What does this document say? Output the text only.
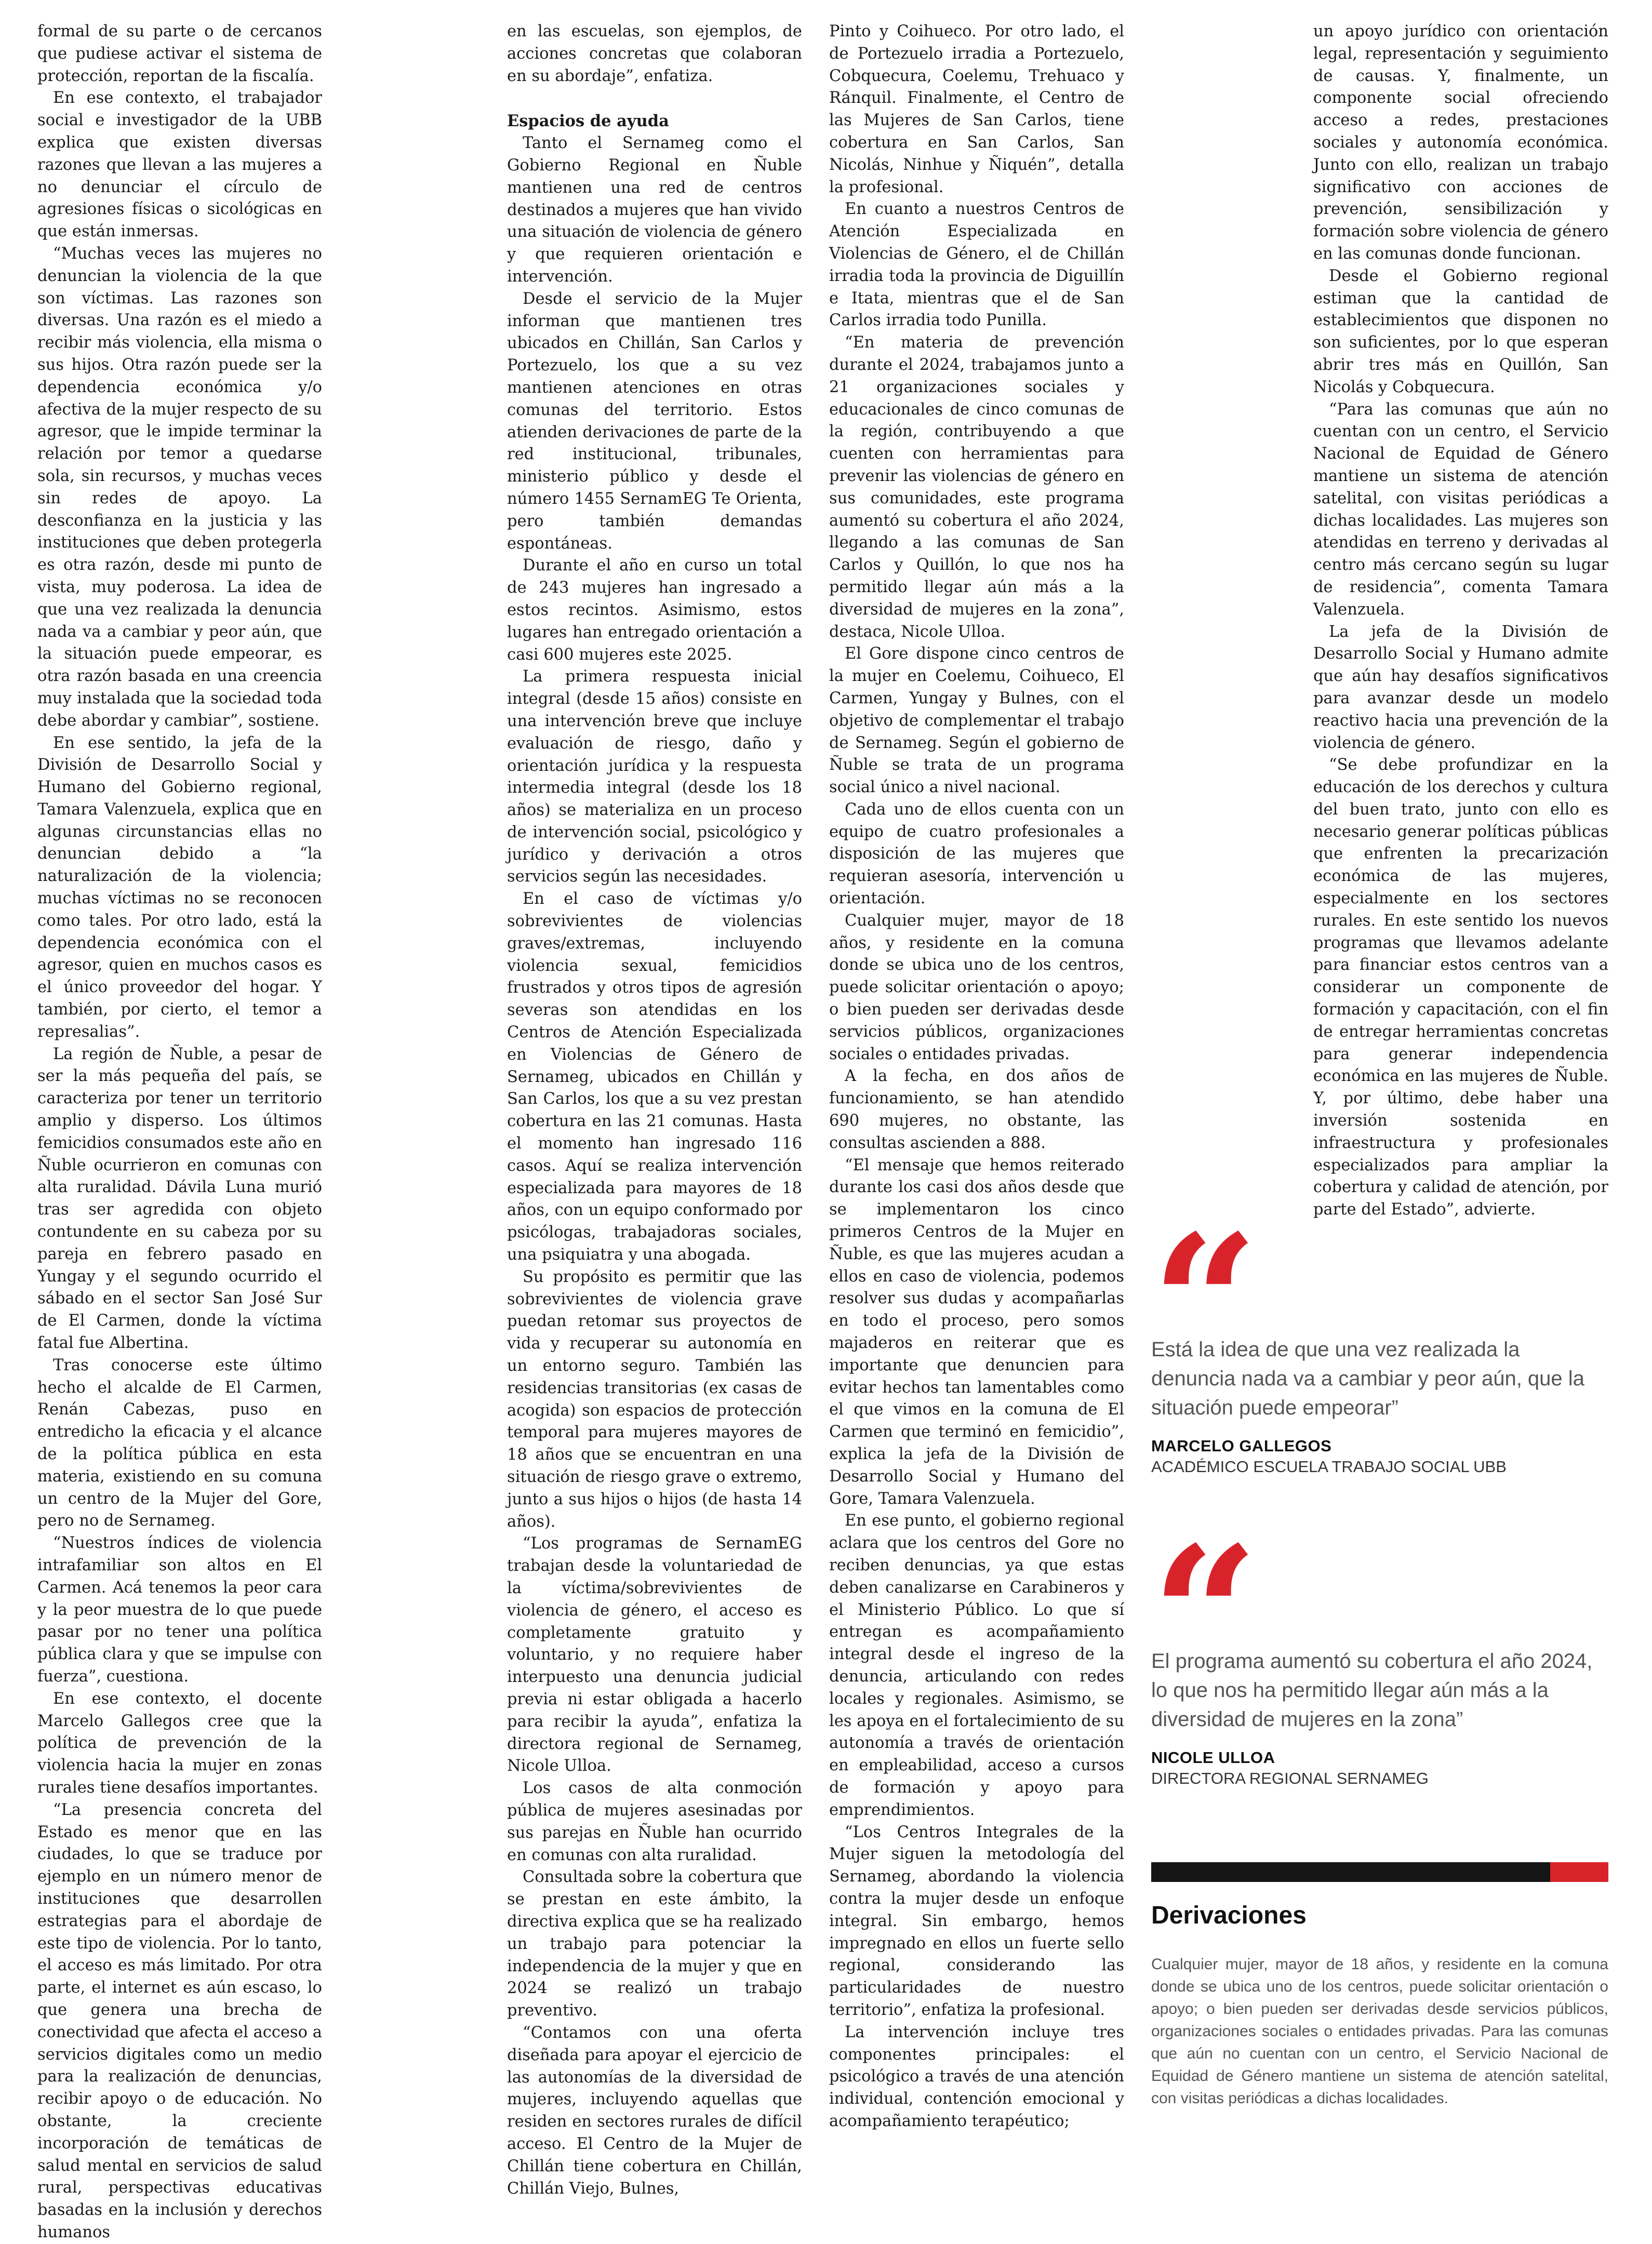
formal de su parte o de cercanos que pudiese activar el sistema de protección, reportan de la fiscalía.

En ese contexto, el trabajador social e investigador de la UBB explica que existen diversas razones que llevan a las mujeres a no denunciar el círculo de agresiones físicas o sicológicas en que están inmersas.

“Muchas veces las mujeres no denuncian la violencia de la que son víctimas. Las razones son diversas. Una razón es el miedo a recibir más violencia, ella misma o sus hijos. Otra razón puede ser la dependencia económica y/o afectiva de la mujer respecto de su agresor, que le impide terminar la relación por temor a quedarse sola, sin recursos, y muchas veces sin redes de apoyo. La desconfianza en la justicia y las instituciones que deben protegerla es otra razón, desde mi punto de vista, muy poderosa. La idea de que una vez realizada la denuncia nada va a cambiar y peor aún, que la situación puede empeorar, es otra razón basada en una creencia muy instalada que la sociedad toda debe abordar y cambiar”, sostiene.

En ese sentido, la jefa de la División de Desarrollo Social y Humano del Gobierno regional, Tamara Valenzuela, explica que en algunas circunstancias ellas no denuncian debido a “la naturalización de la violencia; muchas víctimas no se reconocen como tales. Por otro lado, está la dependencia económica con el agresor, quien en muchos casos es el único proveedor del hogar. Y también, por cierto, el temor a represalias”.

La región de Ñuble, a pesar de ser la más pequeña del país, se caracteriza por tener un territorio amplio y disperso. Los últimos femicidios consumados este año en Ñuble ocurrieron en comunas con alta ruralidad. Dávila Luna murió tras ser agredida con objeto contundente en su cabeza por su pareja en febrero pasado en Yungay y el segundo ocurrido el sábado en el sector San José Sur de El Carmen, donde la víctima fatal fue Albertina.

Tras conocerse este último hecho el alcalde de El Carmen, Renán Cabezas, puso en entredicho la eficacia y el alcance de la política pública en esta materia, existiendo en su comuna un centro de la Mujer del Gore, pero no de Sernameg.

“Nuestros índices de violencia intrafamiliar son altos en El Carmen. Acá tenemos la peor cara y la peor muestra de lo que puede pasar por no tener una política pública clara y que se impulse con fuerza”, cuestiona.

En ese contexto, el docente Marcelo Gallegos cree que la política de prevención de la violencia hacia la mujer en zonas rurales tiene desafíos importantes.

“La presencia concreta del Estado es menor que en las ciudades, lo que se traduce por ejemplo en un número menor de instituciones que desarrollen estrategias para el abordaje de este tipo de violencia. Por lo tanto, el acceso es más limitado. Por otra parte, el internet es aún escaso, lo que genera una brecha de conectividad que afecta el acceso a servicios digitales como un medio para la realización de denuncias, recibir apoyo o de educación. No obstante, la creciente incorporación de temáticas de salud mental en servicios de salud rural, perspectivas educativas basadas en la inclusión y derechos humanos

en las escuelas, son ejemplos, de acciones concretas que colaboran en su abordaje”, enfatiza.

Espacios de ayuda

Tanto el Sernameg como el Gobierno Regional en Ñuble mantienen una red de centros destinados a mujeres que han vivido una situación de violencia de género y que requieren orientación e intervención.

Desde el servicio de la Mujer informan que mantienen tres ubicados en Chillán, San Carlos y Portezuelo, los que a su vez mantienen atenciones en otras comunas del territorio. Estos atienden derivaciones de parte de la red institucional, tribunales, ministerio público y desde el número 1455 SernamEG Te Orienta, pero también demandas espontáneas.

Durante el año en curso un total de 243 mujeres han ingresado a estos recintos. Asimismo, estos lugares han entregado orientación a casi 600 mujeres este 2025.

La primera respuesta inicial integral (desde 15 años) consiste en una intervención breve que incluye evaluación de riesgo, daño y orientación jurídica y la respuesta intermedia integral (desde los 18 años) se materializa en un proceso de intervención social, psicológico y jurídico y derivación a otros servicios según las necesidades.

En el caso de víctimas y/o sobrevivientes de violencias graves/extremas, incluyendo violencia sexual, femicidios frustrados y otros tipos de agresión severas son atendidas en los Centros de Atención Especializada en Violencias de Género de Sernameg, ubicados en Chillán y San Carlos, los que a su vez prestan cobertura en las 21 comunas. Hasta el momento han ingresado 116 casos. Aquí se realiza intervención especializada para mayores de 18 años, con un equipo conformado por psicólogas, trabajadoras sociales, una psiquiatra y una abogada.

Su propósito es permitir que las sobrevivientes de violencia grave puedan retomar sus proyectos de vida y recuperar su autonomía en un entorno seguro. También las residencias transitorias (ex casas de acogida) son espacios de protección temporal para mujeres mayores de 18 años que se encuentran en una situación de riesgo grave o extremo, junto a sus hijos o hijos (de hasta 14 años).

“Los programas de SernamEG trabajan desde la voluntariedad de la víctima/sobrevivientes de violencia de género, el acceso es completamente gratuito y voluntario, y no requiere haber interpuesto una denuncia judicial previa ni estar obligada a hacerlo para recibir la ayuda”, enfatiza la directora regional de Sernameg, Nicole Ulloa.

Los casos de alta conmoción pública de mujeres asesinadas por sus parejas en Ñuble han ocurrido en comunas con alta ruralidad.

Consultada sobre la cobertura que se prestan en este ámbito, la directiva explica que se ha realizado un trabajo para potenciar la independencia de la mujer y que en 2024 se realizó un trabajo preventivo.

“Contamos con una oferta diseñada para apoyar el ejercicio de las autonomías de la diversidad de mujeres, incluyendo aquellas que residen en sectores rurales de difícil acceso. El Centro de la Mujer de Chillán tiene cobertura en Chillán, Chillán Viejo, Bulnes,

Pinto y Coihueco. Por otro lado, el de Portezuelo irradia a Portezuelo, Cobquecura, Coelemu, Trehuaco y Ránquil. Finalmente, el Centro de las Mujeres de San Carlos, tiene cobertura en San Carlos, San Nicolás, Ninhue y Ñiquén”, detalla la profesional.

En cuanto a nuestros Centros de Atención Especializada en Violencias de Género, el de Chillán irradia toda la provincia de Diguillín e Itata, mientras que el de San Carlos irradia todo Punilla.

“En materia de prevención durante el 2024, trabajamos junto a 21 organizaciones sociales y educacionales de cinco comunas de la región, contribuyendo a que cuenten con herramientas para prevenir las violencias de género en sus comunidades, este programa aumentó su cobertura el año 2024, llegando a las comunas de San Carlos y Quillón, lo que nos ha permitido llegar aún más a la diversidad de mujeres en la zona”, destaca, Nicole Ulloa.

El Gore dispone cinco centros de la mujer en Coelemu, Coihueco, El Carmen, Yungay y Bulnes, con el objetivo de complementar el trabajo de Sernameg. Según el gobierno de Ñuble se trata de un programa social único a nivel nacional.

Cada uno de ellos cuenta con un equipo de cuatro profesionales a disposición de las mujeres que requieran asesoría, intervención u orientación.

Cualquier mujer, mayor de 18 años, y residente en la comuna donde se ubica uno de los centros, puede solicitar orientación o apoyo; o bien pueden ser derivadas desde servicios públicos, organizaciones sociales o entidades privadas.

A la fecha, en dos años de funcionamiento, se han atendido 690 mujeres, no obstante, las consultas ascienden a 888.

“El mensaje que hemos reiterado durante los casi dos años desde que se implementaron los cinco primeros Centros de la Mujer en Ñuble, es que las mujeres acudan a ellos en caso de violencia, podemos resolver sus dudas y acompañarlas en todo el proceso, pero somos majaderos en reiterar que es importante que denuncien para evitar hechos tan lamentables como el que vimos en la comuna de El Carmen que terminó en femicidio”, explica la jefa de la División de Desarrollo Social y Humano del Gore, Tamara Valenzuela.

En ese punto, el gobierno regional aclara que los centros del Gore no reciben denuncias, ya que estas deben canalizarse en Carabineros y el Ministerio Público. Lo que sí entregan es acompañamiento integral desde el ingreso de la denuncia, articulando con redes locales y regionales. Asimismo, se les apoya en el fortalecimiento de su autonomía a través de orientación en empleabilidad, acceso a cursos de formación y apoyo para emprendimientos.

“Los Centros Integrales de la Mujer siguen la metodología del Sernameg, abordando la violencia contra la mujer desde un enfoque integral. Sin embargo, hemos impregnado en ellos un fuerte sello regional, considerando las particularidades de nuestro territorio”, enfatiza la profesional.

La intervención incluye tres componentes principales: el psicológico a través de una atención individual, contención emocional y acompañamiento terapéutico;

un apoyo jurídico con orientación legal, representación y seguimiento de causas. Y, finalmente, un componente social ofreciendo acceso a redes, prestaciones sociales y autonomía económica. Junto con ello, realizan un trabajo significativo con acciones de prevención, sensibilización y formación sobre violencia de género en las comunas donde funcionan.

Desde el Gobierno regional estiman que la cantidad de establecimientos que disponen no son suficientes, por lo que esperan abrir tres más en Quillón, San Nicolás y Cobquecura.

“Para las comunas que aún no cuentan con un centro, el Servicio Nacional de Equidad de Género mantiene un sistema de atención satelital, con visitas periódicas a dichas localidades. Las mujeres son atendidas en terreno y derivadas al centro más cercano según su lugar de residencia”, comenta Tamara Valenzuela.

La jefa de la División de Desarrollo Social y Humano admite que aún hay desafíos significativos para avanzar desde un modelo reactivo hacia una prevención de la violencia de género.

“Se debe profundizar en la educación de los derechos y cultura del buen trato, junto con ello es necesario generar políticas públicas que enfrenten la precarización económica de las mujeres, especialmente en los sectores rurales. En este sentido los nuevos programas que llevamos adelante para financiar estos centros van a considerar un componente de formación y capacitación, con el fin de entregar herramientas concretas para generar independencia económica en las mujeres de Ñuble. Y, por último, debe haber una inversión sostenida en infraestructura y profesionales especializados para ampliar la cobertura y calidad de atención, por parte del Estado”, advierte.

“
Está la idea de que una vez realizada la denuncia nada va a cambiar y peor aún, que la situación puede empeorar”
MARCELO GALLEGOS
ACADÉMICO ESCUELA TRABAJO SOCIAL UBB
“
El programa aumentó su cobertura el año 2024, lo que nos ha permitido llegar aún más a la diversidad de mujeres en la zona”
NICOLE ULLOA
DIRECTORA REGIONAL SERNAMEG
Derivaciones
Cualquier mujer, mayor de 18 años, y residente en la comuna donde se ubica uno de los centros, puede solicitar orientación o apoyo; o bien pueden ser derivadas desde servicios públicos, organizaciones sociales o entidades privadas. Para las comunas que aún no cuentan con un centro, el Servicio Nacional de Equidad de Género mantiene un sistema de atención satelital, con visitas periódicas a dichas localidades.
